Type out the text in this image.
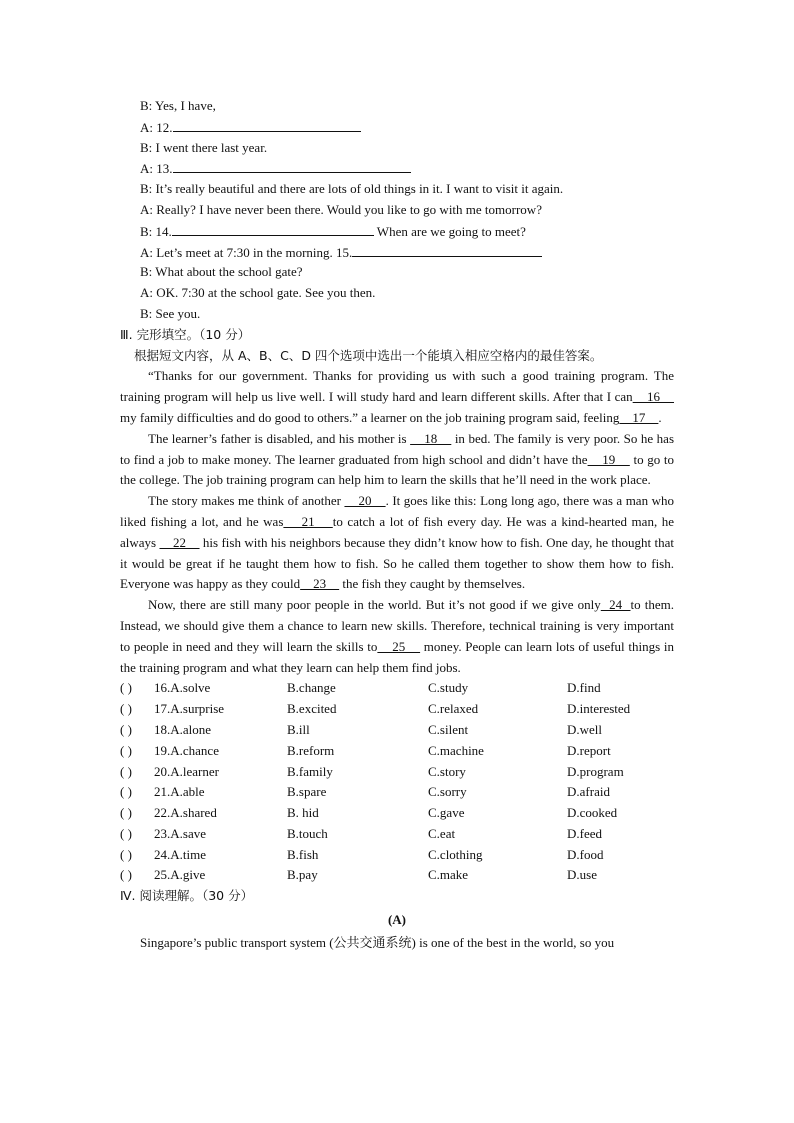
B: Yes, I have,
A: 12.
B: I went there last year.
A: 13.
B: It’s really beautiful and there are lots of old things in it. I want to visit it again.
A: Really? I have never been there. Would you like to go with me tomorrow?
B: 14.	When are we going to meet?
A: Let’s meet at 7:30 in the morning. 15.
B: What about the school gate?
A: OK. 7:30 at the school gate. See you then.
B: See you.
Ⅲ. 完形填空。（10 分）
根据短文内容，从 A、B、C、D 四个选项中选出一个能填入相应空格内的最佳答案。

“Thanks for our government. Thanks for providing us with such a good training program. The training program will help us live well. I will study hard and learn different skills. After that I can    16     my family difficulties and do good to others.” a learner on the job training program said, feeling    17    .

The learner’s father is disabled, and his mother is     18     in bed. The family is very poor. So he has to find a job to make money. The learner graduated from high school and didn’t have the    19     to go to the college. The job training program can help him to learn the skills that he’ll need in the work place.

The story makes me think of another     20    . It goes like this: Long long ago, there was a man who liked fishing a lot, and he was    21    to catch a lot of fish every day. He was a kind-hearted man, he always     22     his fish with his neighbors because they didn’t know how to fish. One day, he thought that it would be great if he taught them how to fish. So he called them together to show them how to fish. Everyone was happy as they could    23     the fish they caught by themselves.

Now, there are still many poor people in the world. But it’s not good if we give only  24  to them. Instead, we should give them a chance to learn new skills. Therefore, technical training is very important to people in need and they will learn the skills to    25     money. People can learn lots of useful things in the training program and what they learn can help them find jobs.

( ) 16.A.solve	B.change	C.study	D.find
( ) 17.A.surprise	B.excited	C.relaxed	D.interested
( ) 18.A.alone	B.ill	C.silent	D.well
( ) 19.A.chance	B.reform	C.machine	D.report
( ) 20.A.learner	B.family	C.story	D.program
( ) 21.A.able	B.spare	C.sorry	D.afraid
( ) 22.A.shared	B. hid	C.gave	D.cooked
( ) 23.A.save	B.touch	C.eat	D.feed
( ) 24.A.time	B.fish	C.clothing	D.food
( ) 25.A.give	B.pay	C.make	D.use
Ⅳ. 阅读理解。（30 分）
(A)

Singapore’s public transport system (公共交通系统) is one of the best in the world, so you
